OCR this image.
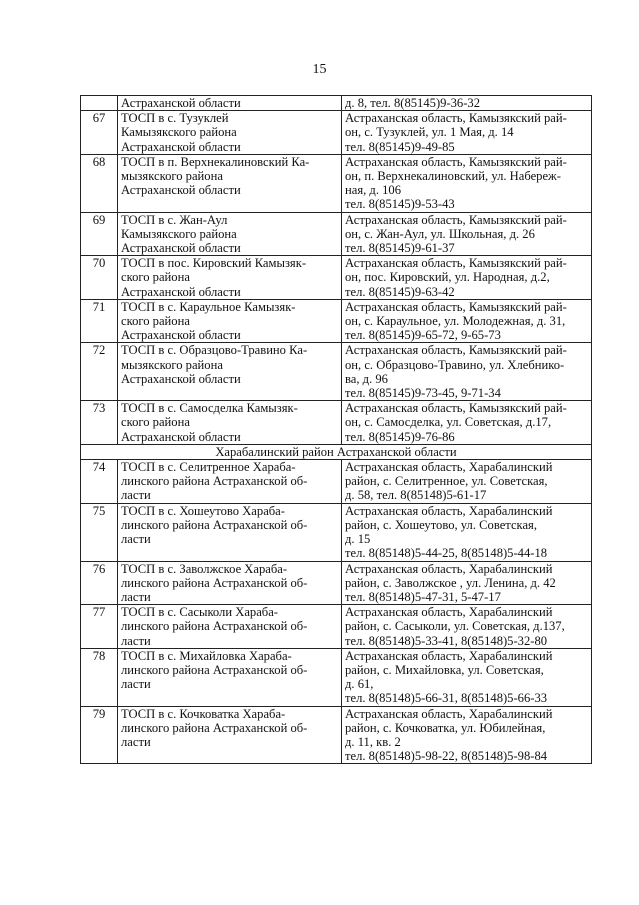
15

	Астраханской области	д. 8, тел. 8(85145)9-36-32

67	ТОСП в с. Тузуклей
Камызякского района
Астраханской области	Астраханская область, Камызякский рай-
он, с. Тузуклей, ул. 1 Мая, д. 14
тел. 8(85145)9-49-85

68	ТОСП в п. Верхнекалиновский Ка-
мызякского района
Астраханской области	Астраханская область, Камызякский рай-
он, п. Верхнекалиновский, ул. Набереж-
ная, д. 106
тел. 8(85145)9-53-43

69	ТОСП в с. Жан-Аул
Камызякского района
Астраханской области	Астраханская область, Камызякский рай-
он, с. Жан-Аул, ул. Школьная, д. 26
тел. 8(85145)9-61-37

70	ТОСП в пос. Кировский Камызяк-
ского района
Астраханской области	Астраханская область, Камызякский рай-
он, пос. Кировский, ул. Народная, д.2,
тел. 8(85145)9-63-42

71	ТОСП в с. Караульное Камызяк-
ского района
Астраханской области	Астраханская область, Камызякский рай-
он, с. Караульное, ул. Молодежная, д. 31,
тел. 8(85145)9-65-72, 9-65-73

72	ТОСП в с. Образцово-Травино Ка-
мызякского района
Астраханской области	Астраханская область, Камызякский рай-
он, с. Образцово-Травино, ул. Хлебнико-
ва, д. 96
тел. 8(85145)9-73-45, 9-71-34

73	ТОСП в с. Самосделка Камызяк-
ского района
Астраханской области	Астраханская область, Камызякский рай-
он, с. Самосделка, ул. Советская, д.17,
тел. 8(85145)9-76-86

Харабалинский район Астраханской области		
74	ТОСП в с. Селитренное Хараба-
линского района Астраханской об-
ласти	Астраханская область, Харабалинский
район, с. Селитренное, ул. Советская,
д. 58, тел. 8(85148)5-61-17

75	ТОСП в с. Хошеутово Хараба-
линского района Астраханской об-
ласти	Астраханская область, Харабалинский
район, с. Хошеутово, ул. Советская,
д. 15
тел. 8(85148)5-44-25, 8(85148)5-44-18

76	ТОСП в с. Заволжское Хараба-
линского района Астраханской об-
ласти	Астраханская область, Харабалинский
район, с. Заволжское , ул. Ленина, д. 42
тел. 8(85148)5-47-31, 5-47-17

77	ТОСП в с. Сасыколи Хараба-
линского района Астраханской об-
ласти	Астраханская область, Харабалинский
район, с. Сасыколи, ул. Советская, д.137,
тел. 8(85148)5-33-41, 8(85148)5-32-80

78	ТОСП в с. Михайловка Хараба-
линского района Астраханской об-
ласти	Астраханская область, Харабалинский
район, с. Михайловка, ул. Советская,
д. 61,
тел. 8(85148)5-66-31, 8(85148)5-66-33

79	ТОСП в с. Кочковатка Хараба-
линского района Астраханской об-
ласти	Астраханская область, Харабалинский
район, с. Кочковатка, ул. Юбилейная,
д. 11, кв. 2
тел. 8(85148)5-98-22, 8(85148)5-98-84
